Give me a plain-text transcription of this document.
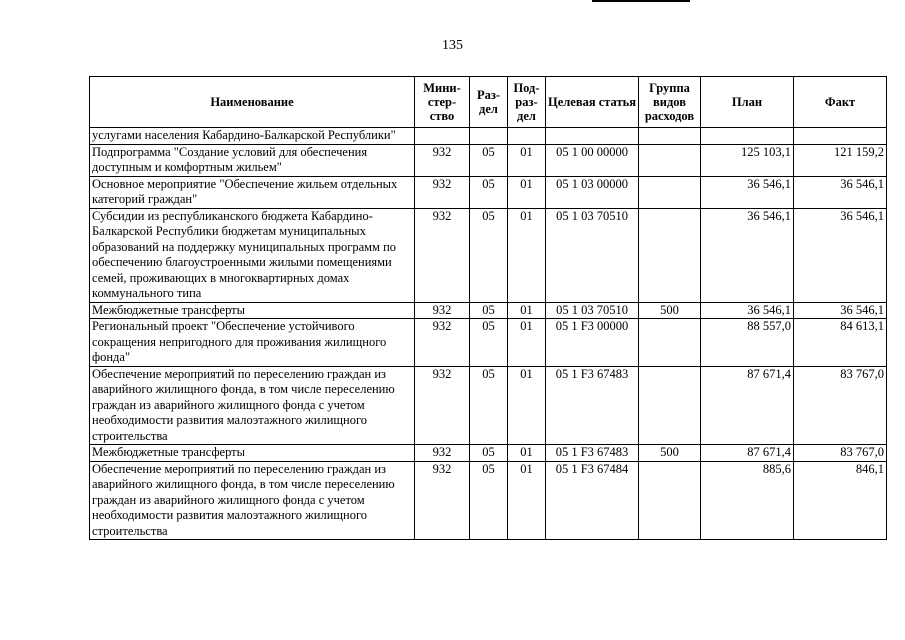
135
Наименование	Мини-стер-ство	Раз-дел	Под-раз-дел	Целевая статья	Группа видов расходов	План	Факт
услугами населения Кабардино-Балкарской Республики"							
Подпрограмма "Создание условий для обеспечения доступным и комфортным жильем"	932	05	01	05 1 00 00000		125 103,1	121 159,2
Основное мероприятие "Обеспечение жильем отдельных категорий граждан"	932	05	01	05 1 03 00000		36 546,1	36 546,1
Субсидии из республиканского бюджета Кабардино-Балкарской Республики бюджетам муниципальных образований на поддержку муниципальных программ по обеспечению благоустроенными жилыми помещениями семей, проживающих в многоквартирных домах коммунального типа	932	05	01	05 1 03 70510		36 546,1	36 546,1
Межбюджетные трансферты	932	05	01	05 1 03 70510	500	36 546,1	36 546,1
Региональный проект "Обеспечение устойчивого сокращения непригодного для проживания жилищного фонда"	932	05	01	05 1 F3 00000		88 557,0	84 613,1
Обеспечение мероприятий по переселению граждан из аварийного жилищного фонда, в том числе переселению граждан из аварийного жилищного фонда с учетом необходимости развития малоэтажного жилищного строительства	932	05	01	05 1 F3 67483		87 671,4	83 767,0
Межбюджетные трансферты	932	05	01	05 1 F3 67483	500	87 671,4	83 767,0
Обеспечение мероприятий по переселению граждан из аварийного жилищного фонда, в том числе переселению граждан из аварийного жилищного фонда с учетом необходимости развития малоэтажного жилищного строительства	932	05	01	05 1 F3 67484		885,6	846,1
